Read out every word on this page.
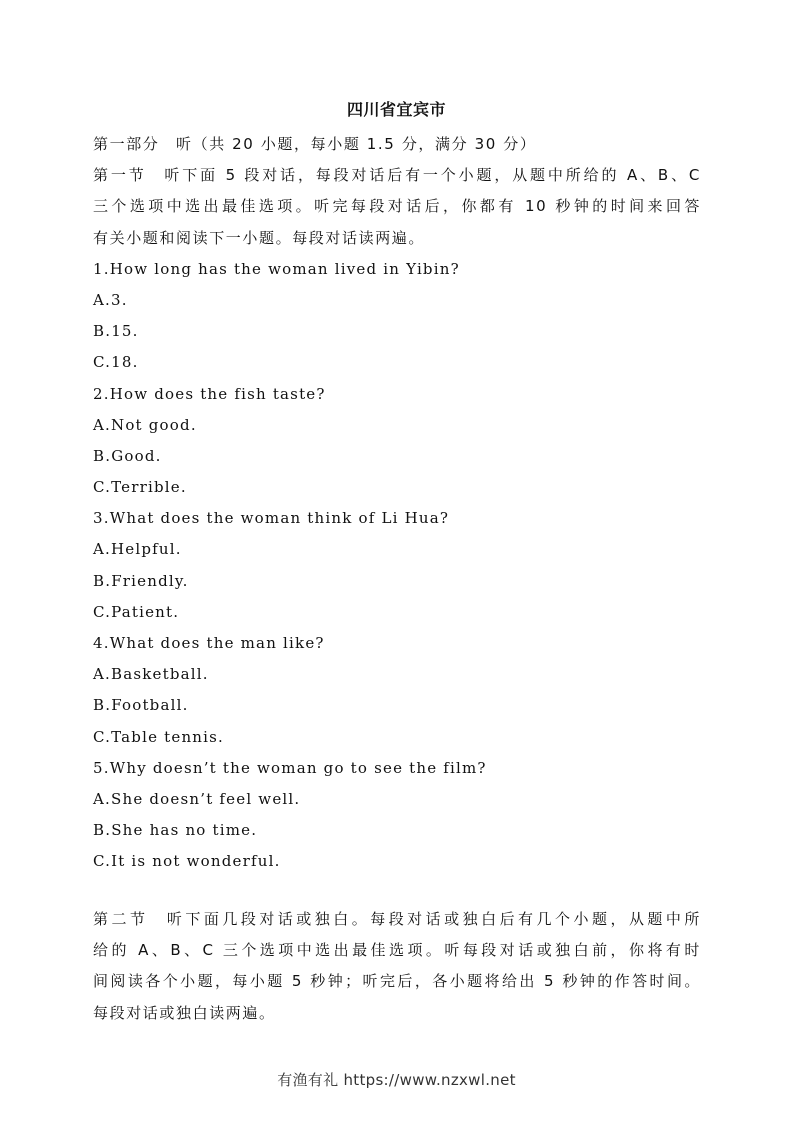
四川省宜宾市
第一部分　听（共 20 小题，每小题 1.5 分，满分 30 分）
第一节　听下面 5 段对话，每段对话后有一个小题，从题中所给的 A、B、C
三个选项中选出最佳选项。听完每段对话后，你都有 10 秒钟的时间来回答
有关小题和阅读下一小题。每段对话读两遍。
1.How long has the woman lived in Yibin?
A.3.
B.15.
C.18.
2.How does the fish taste?
A.Not good.
B.Good.
C.Terrible.
3.What does the woman think of Li Hua?
A.Helpful.
B.Friendly.
C.Patient.
4.What does the man like?
A.Basketball.
B.Football.
C.Table tennis.
5.Why doesn’t the woman go to see the film?
A.She doesn’t feel well.
B.She has no time.
C.It is not wonderful.
第二节　听下面几段对话或独白。每段对话或独白后有几个小题，从题中所
给的 A、B、C 三个选项中选出最佳选项。听每段对话或独白前，你将有时
间阅读各个小题，每小题 5 秒钟；听完后，各小题将给出 5 秒钟的作答时间。
每段对话或独白读两遍。
有渔有礼 https://www.nzxwl.net
